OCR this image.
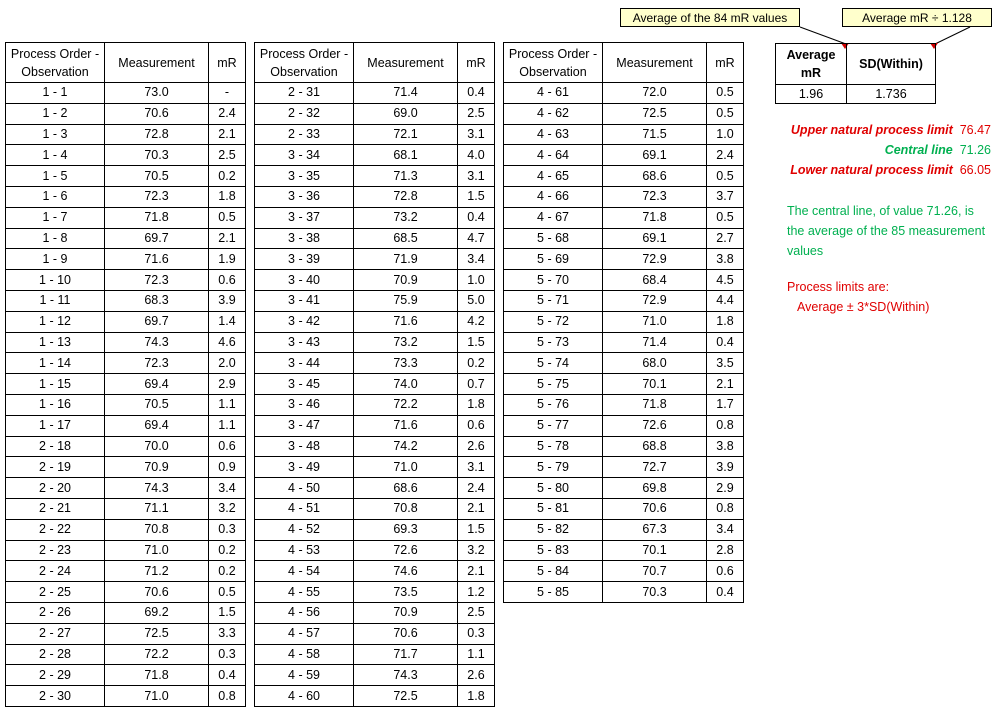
Process Order - Observation	Measurement	mR
1 - 1	73.0	-
1 - 2	70.6	2.4
1 - 3	72.8	2.1
1 - 4	70.3	2.5
1 - 5	70.5	0.2
1 - 6	72.3	1.8
1 - 7	71.8	0.5
1 - 8	69.7	2.1
1 - 9	71.6	1.9
1 - 10	72.3	0.6
1 - 11	68.3	3.9
1 - 12	69.7	1.4
1 - 13	74.3	4.6
1 - 14	72.3	2.0
1 - 15	69.4	2.9
1 - 16	70.5	1.1
1 - 17	69.4	1.1
2 - 18	70.0	0.6
2 - 19	70.9	0.9
2 - 20	74.3	3.4
2 - 21	71.1	3.2
2 - 22	70.8	0.3
2 - 23	71.0	0.2
2 - 24	71.2	0.2
2 - 25	70.6	0.5
2 - 26	69.2	1.5
2 - 27	72.5	3.3
2 - 28	72.2	0.3
2 - 29	71.8	0.4
2 - 30	71.0	0.8
Process Order - Observation	Measurement	mR
2 - 31	71.4	0.4
2 - 32	69.0	2.5
2 - 33	72.1	3.1
3 - 34	68.1	4.0
3 - 35	71.3	3.1
3 - 36	72.8	1.5
3 - 37	73.2	0.4
3 - 38	68.5	4.7
3 - 39	71.9	3.4
3 - 40	70.9	1.0
3 - 41	75.9	5.0
3 - 42	71.6	4.2
3 - 43	73.2	1.5
3 - 44	73.3	0.2
3 - 45	74.0	0.7
3 - 46	72.2	1.8
3 - 47	71.6	0.6
3 - 48	74.2	2.6
3 - 49	71.0	3.1
4 - 50	68.6	2.4
4 - 51	70.8	2.1
4 - 52	69.3	1.5
4 - 53	72.6	3.2
4 - 54	74.6	2.1
4 - 55	73.5	1.2
4 - 56	70.9	2.5
4 - 57	70.6	0.3
4 - 58	71.7	1.1
4 - 59	74.3	2.6
4 - 60	72.5	1.8
Process Order - Observation	Measurement	mR
4 - 61	72.0	0.5
4 - 62	72.5	0.5
4 - 63	71.5	1.0
4 - 64	69.1	2.4
4 - 65	68.6	0.5
4 - 66	72.3	3.7
4 - 67	71.8	0.5
5 - 68	69.1	2.7
5 - 69	72.9	3.8
5 - 70	68.4	4.5
5 - 71	72.9	4.4
5 - 72	71.0	1.8
5 - 73	71.4	0.4
5 - 74	68.0	3.5
5 - 75	70.1	2.1
5 - 76	71.8	1.7
5 - 77	72.6	0.8
5 - 78	68.8	3.8
5 - 79	72.7	3.9
5 - 80	69.8	2.9
5 - 81	70.6	0.8
5 - 82	67.3	3.4
5 - 83	70.1	2.8
5 - 84	70.7	0.6
5 - 85	70.3	0.4
Average of the 84 mR values	Average mR ÷ 1.128
Average mR	SD(Within)
1.96	1.736
Upper natural process limit 76.47
Central line 71.26
Lower natural process limit 66.05
The central line, of value 71.26, is
the average of the 85 measurement
values
Process limits are:
Average ± 3*SD(Within)
